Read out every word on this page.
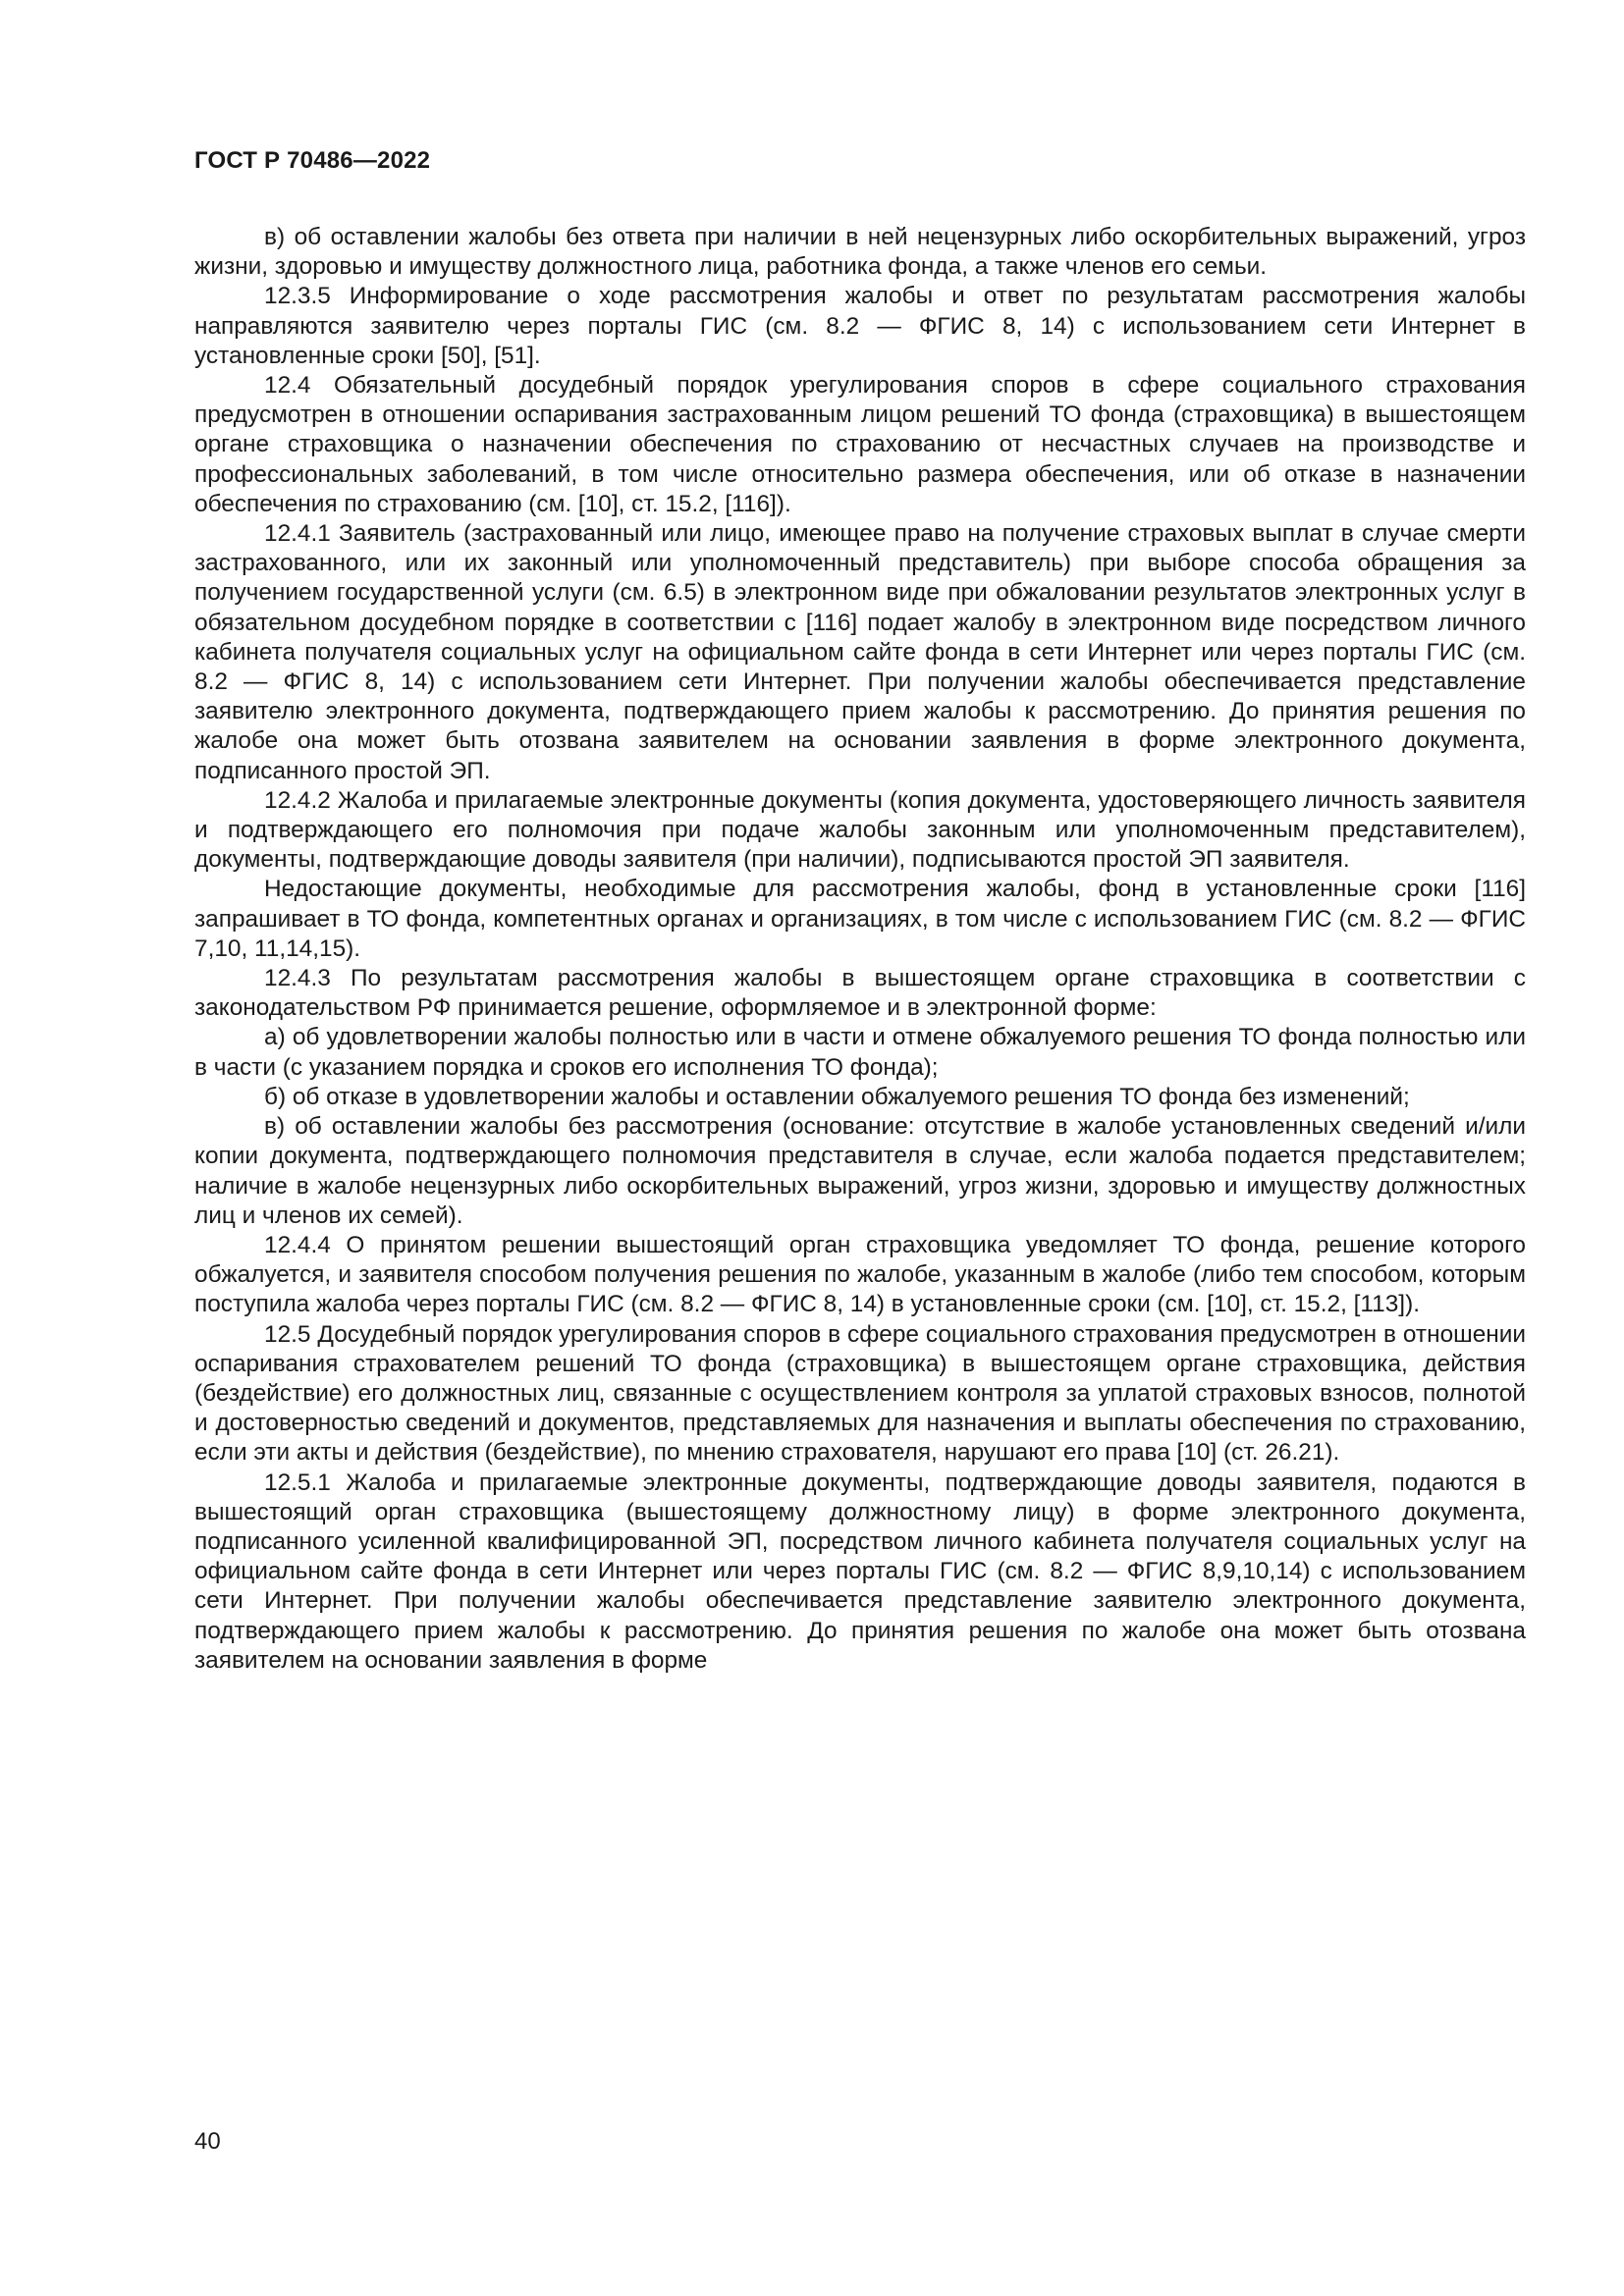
ГОСТ Р 70486—2022

в) об оставлении жалобы без ответа при наличии в ней нецензурных либо оскорбительных выражений, угроз жизни, здоровью и имуществу должностного лица, работника фонда, а также членов его семьи.

12.3.5 Информирование о ходе рассмотрения жалобы и ответ по результатам рассмотрения жалобы направляются заявителю через порталы ГИС (см. 8.2 — ФГИС 8, 14) с использованием сети Интернет в установленные сроки [50], [51].

12.4 Обязательный досудебный порядок урегулирования споров в сфере социального страхования предусмотрен в отношении оспаривания застрахованным лицом решений ТО фонда (страховщика) в вышестоящем органе страховщика о назначении обеспечения по страхованию от несчастных случаев на производстве и профессиональных заболеваний, в том числе относительно размера обеспечения, или об отказе в назначении обеспечения по страхованию (см. [10], ст. 15.2, [116]).

12.4.1 Заявитель (застрахованный или лицо, имеющее право на получение страховых выплат в случае смерти застрахованного, или их законный или уполномоченный представитель) при выборе способа обращения за получением государственной услуги (см. 6.5) в электронном виде при обжаловании результатов электронных услуг в обязательном досудебном порядке в соответствии с [116] подает жалобу в электронном виде посредством личного кабинета получателя социальных услуг на официальном сайте фонда в сети Интернет или через порталы ГИС (см. 8.2 — ФГИС 8, 14) с использованием сети Интернет. При получении жалобы обеспечивается представление заявителю электронного документа, подтверждающего прием жалобы к рассмотрению. До принятия решения по жалобе она может быть отозвана заявителем на основании заявления в форме электронного документа, подписанного простой ЭП.

12.4.2 Жалоба и прилагаемые электронные документы (копия документа, удостоверяющего личность заявителя и подтверждающего его полномочия при подаче жалобы законным или уполномоченным представителем), документы, подтверждающие доводы заявителя (при наличии), подписываются простой ЭП заявителя.

Недостающие документы, необходимые для рассмотрения жалобы, фонд в установленные сроки [116] запрашивает в ТО фонда, компетентных органах и организациях, в том числе с использованием ГИС (см. 8.2 — ФГИС 7,10, 11,14,15).

12.4.3 По результатам рассмотрения жалобы в вышестоящем органе страховщика в соответствии с законодательством РФ принимается решение, оформляемое и в электронной форме:

а) об удовлетворении жалобы полностью или в части и отмене обжалуемого решения ТО фонда полностью или в части (с указанием порядка и сроков его исполнения ТО фонда);

б) об отказе в удовлетворении жалобы и оставлении обжалуемого решения ТО фонда без изменений;

в) об оставлении жалобы без рассмотрения (основание: отсутствие в жалобе установленных сведений и/или копии документа, подтверждающего полномочия представителя в случае, если жалоба подается представителем; наличие в жалобе нецензурных либо оскорбительных выражений, угроз жизни, здоровью и имуществу должностных лиц и членов их семей).

12.4.4 О принятом решении вышестоящий орган страховщика уведомляет ТО фонда, решение которого обжалуется, и заявителя способом получения решения по жалобе, указанным в жалобе (либо тем способом, которым поступила жалоба через порталы ГИС (см. 8.2 — ФГИС 8, 14) в установленные сроки (см. [10], ст. 15.2, [113]).

12.5 Досудебный порядок урегулирования споров в сфере социального страхования предусмотрен в отношении оспаривания страхователем решений ТО фонда (страховщика) в вышестоящем органе страховщика, действия (бездействие) его должностных лиц, связанные с осуществлением контроля за уплатой страховых взносов, полнотой и достоверностью сведений и документов, представляемых для назначения и выплаты обеспечения по страхованию, если эти акты и действия (бездействие), по мнению страхователя, нарушают его права [10] (ст. 26.21).

12.5.1 Жалоба и прилагаемые электронные документы, подтверждающие доводы заявителя, подаются в вышестоящий орган страховщика (вышестоящему должностному лицу) в форме электронного документа, подписанного усиленной квалифицированной ЭП, посредством личного кабинета получателя социальных услуг на официальном сайте фонда в сети Интернет или через порталы ГИС (см. 8.2 — ФГИС 8,9,10,14) с использованием сети Интернет. При получении жалобы обеспечивается представление заявителю электронного документа, подтверждающего прием жалобы к рассмотрению. До принятия решения по жалобе она может быть отозвана заявителем на основании заявления в форме

40
